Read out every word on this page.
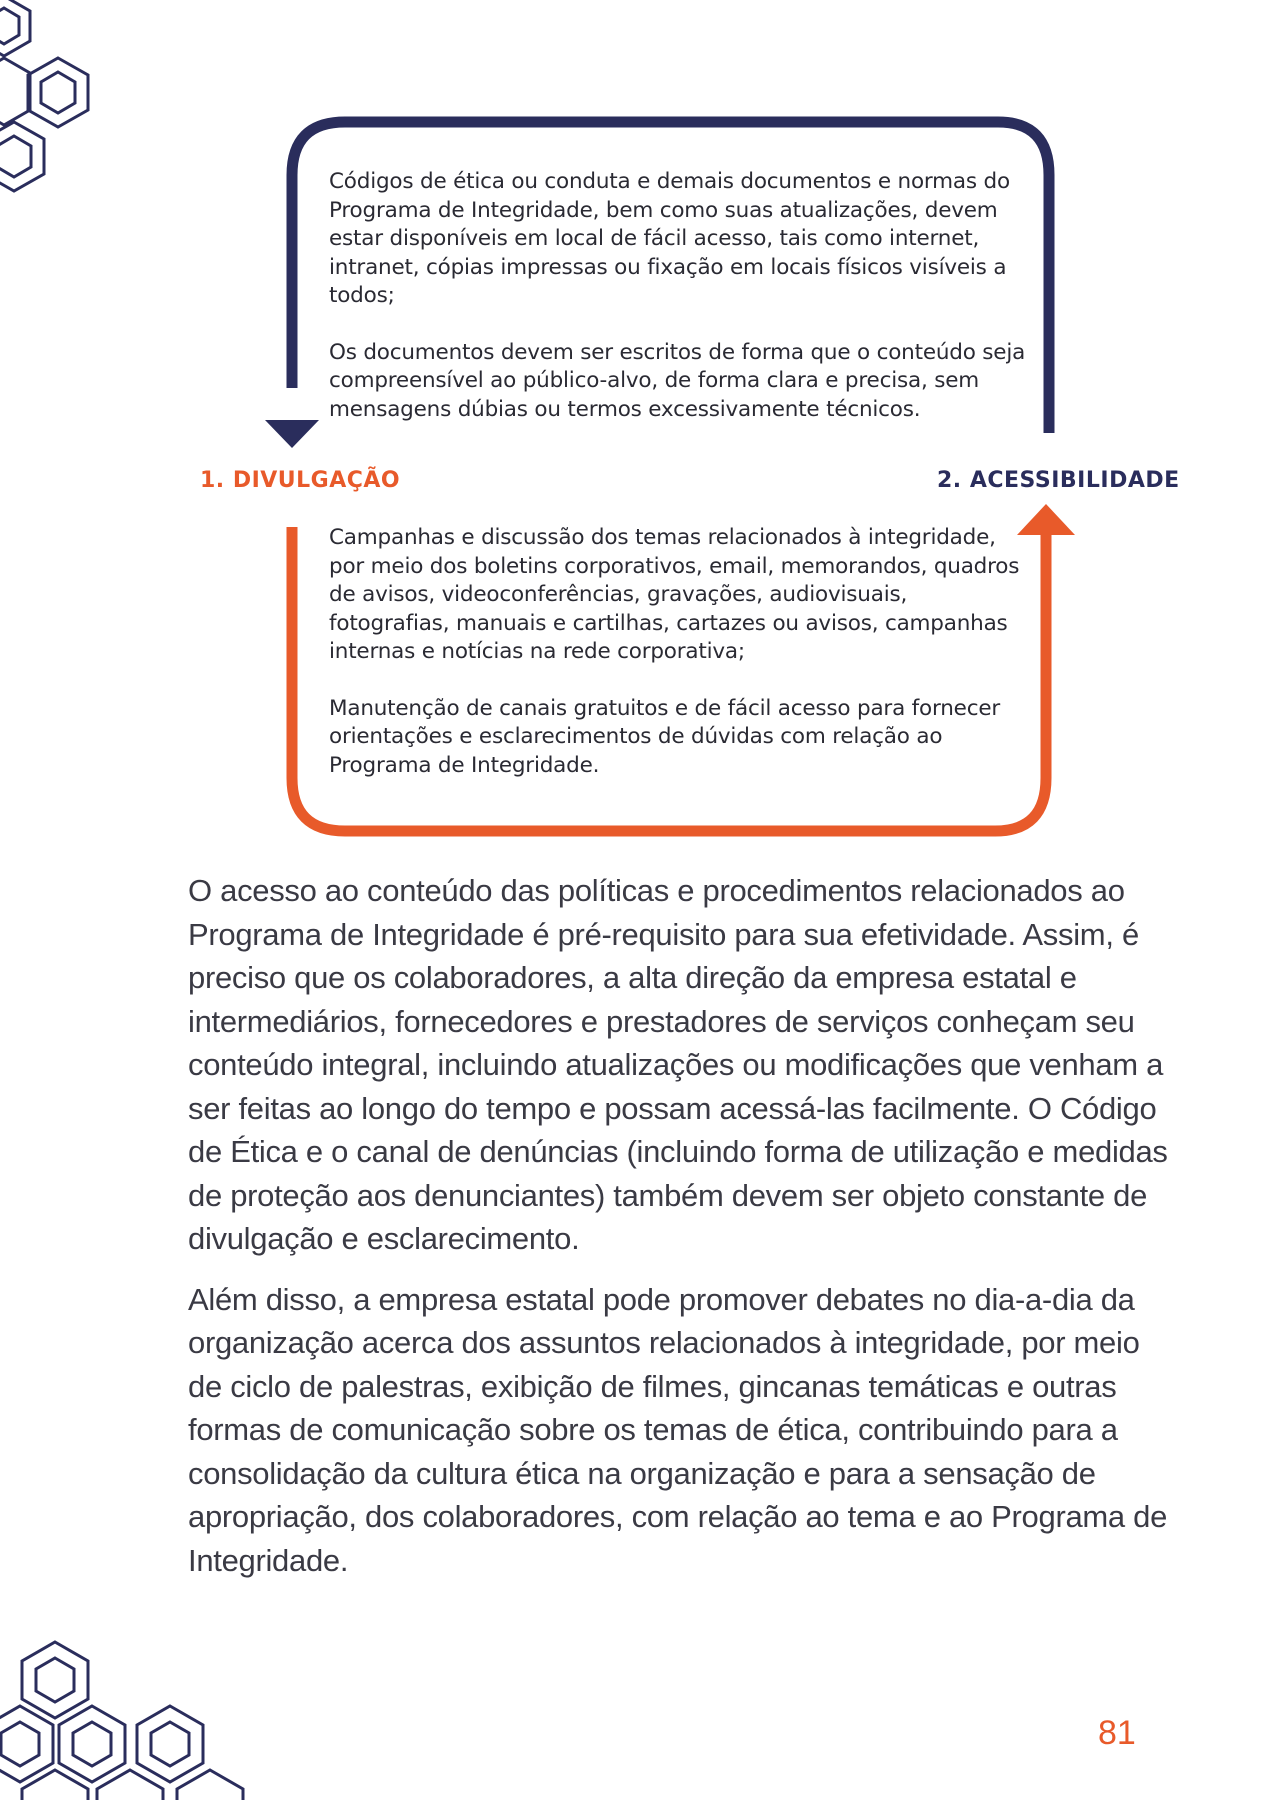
Códigos de ética ou conduta e demais documentos e normas do Programa de Integridade, bem como suas atualizações, devem estar disponíveis em local de fácil acesso, tais como internet, intranet, cópias impressas ou fixação em locais físicos visíveis a todos;

Os documentos devem ser escritos de forma que o conteúdo seja compreensível ao público-alvo, de forma clara e precisa, sem mensagens dúbias ou termos excessivamente técnicos.

1. DIVULGAÇÃO	2. ACESSIBILIDADE

Campanhas e discussão dos temas relacionados à integridade, por meio dos boletins corporativos, email, memorandos, quadros de avisos, videoconferências, gravações, audiovisuais, fotografias, manuais e cartilhas, cartazes ou avisos, campanhas internas e notícias na rede corporativa;

Manutenção de canais gratuitos e de fácil acesso para fornecer orientações e esclarecimentos de dúvidas com relação ao Programa de Integridade.

O acesso ao conteúdo das políticas e procedimentos relacionados ao Programa de Integridade é pré-requisito para sua efetividade. Assim, é preciso que os colaboradores, a alta direção da empresa estatal e intermediários, fornecedores e prestadores de serviços conheçam seu conteúdo integral, incluindo atualizações ou modificações que venham a ser feitas ao longo do tempo e possam acessá-las facilmente. O Código de Ética e o canal de denúncias (incluindo forma de utilização e medidas de proteção aos denunciantes) também devem ser objeto constante de divulgação e esclarecimento.

Além disso, a empresa estatal pode promover debates no dia-a-dia da organização acerca dos assuntos relacionados à integridade, por meio de ciclo de palestras, exibição de filmes, gincanas temáticas e outras formas de comunicação sobre os temas de ética, contribuindo para a consolidação da cultura ética na organização e para a sensação de apropriação, dos colaboradores, com relação ao tema e ao Programa de Integridade.

81
